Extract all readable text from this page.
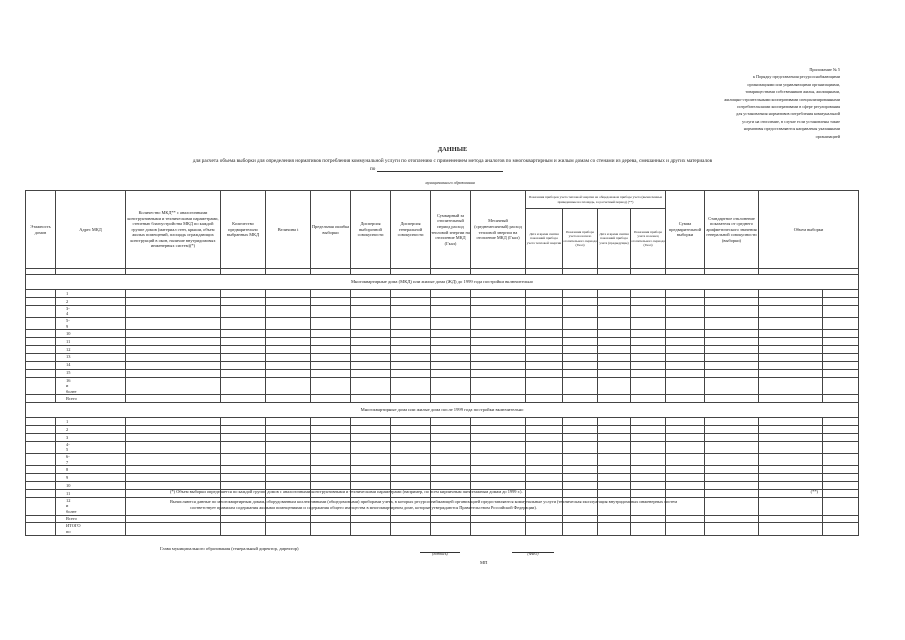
Приложение № 5
к Порядку представления ресурсоснабжающими
организациями или управляющими организациями,
товариществами собственников жилья, жилищными,
жилищно-строительными кооперативами специализированными
потребительскими кооперативами в сфере регулирования
для установления нормативов потребления коммунальной
услуги на отопление, в случае если установлены такие
нормативы предоставляются направлены указанными
организацией
ДАННЫЕ
для расчета объема выборки для определения нормативов потребления коммунальной услуги по отоплению с применением метода аналогов по многоквартирным и жилым домам со стенами из дерева, смешанных и других материалов
по
муниципального образования
Этажность домов	Адрес МКД	Количество МКД** с аналогичными конструктивными и техническими параметрами, степенью благоустройства МКД по каждой группе домов (материал стен, крыши, объем жилых помещений, площадь ограждающих конструкций в окон, наличие внутридомовых инженерных систем)(*)	Количество предварительно выбранных МКД	Величина t	Предельная ошибка выборки	Дисперсия выборочной совокупности	Дисперсия генеральной совокупности	Суммарный за отопительный период расход тепловой энергии на отопление МКД (Гкал)	Месячный (среднемесячный) расход тепловой энергии на отопление МКД (Гкал)	Показания приборов учета тепловой энергии на общедомовом приборе учета (вычисленные приведенные на площадь, за расчетный период) (**)				Сумма предварительной выборки	Стандартное отклонение показателя от среднего арифметического значения генеральной совокупности (выборки)	Объем выборки	
										Дата и время снятия показаний прибора учета тепловой энергии	Показания прибора учета на начало отопительного периода (Гкал)	Дата и время снятия показаний прибора учета (предыдущие)	Показания прибора учета на конец отопительного периода (Гкал)				

Многоквартирные дома (МКД) или жилые дома (ЖД) до 1999 года постройки включительно																	
1																	
2																	
3-4																	
5-9																	
10																	
11																	
12																	
13																	
14																	
15																	
16 и более																	
Всего																	
Многоквартирные дома или жилые дома после 1999 года постройки включительно																	
1																	
2																	
3																	
4-5																	
6-7																	
8																	
9																	
10																	
11																	
12 и более																	
Всего																	
ИТОГО по																	
(*) Объем выборки определяется по каждой группе домов с аналогичными конструктивными и техническими параметрами (например, по всем кирпичным пятиэтажным домам до 1999 г.).	(**)
Вычисляются данные по многоквартирным домам, оборудованным коллективными (общедомовыми) приборами учета, в которых ресурсоснабжающей организацией предоставляются коммунальные услуги (техническая эксплуатация внутридомовых инженерных систем
соответствует правилам содержания жилыми помещениями и содержания общего имущества в многоквартирном доме, которые утверждаются Правительством Российской Федерации).
Глава муниципального образования (генеральный директор, директор)
(подпись)	(ФИО)
МП
